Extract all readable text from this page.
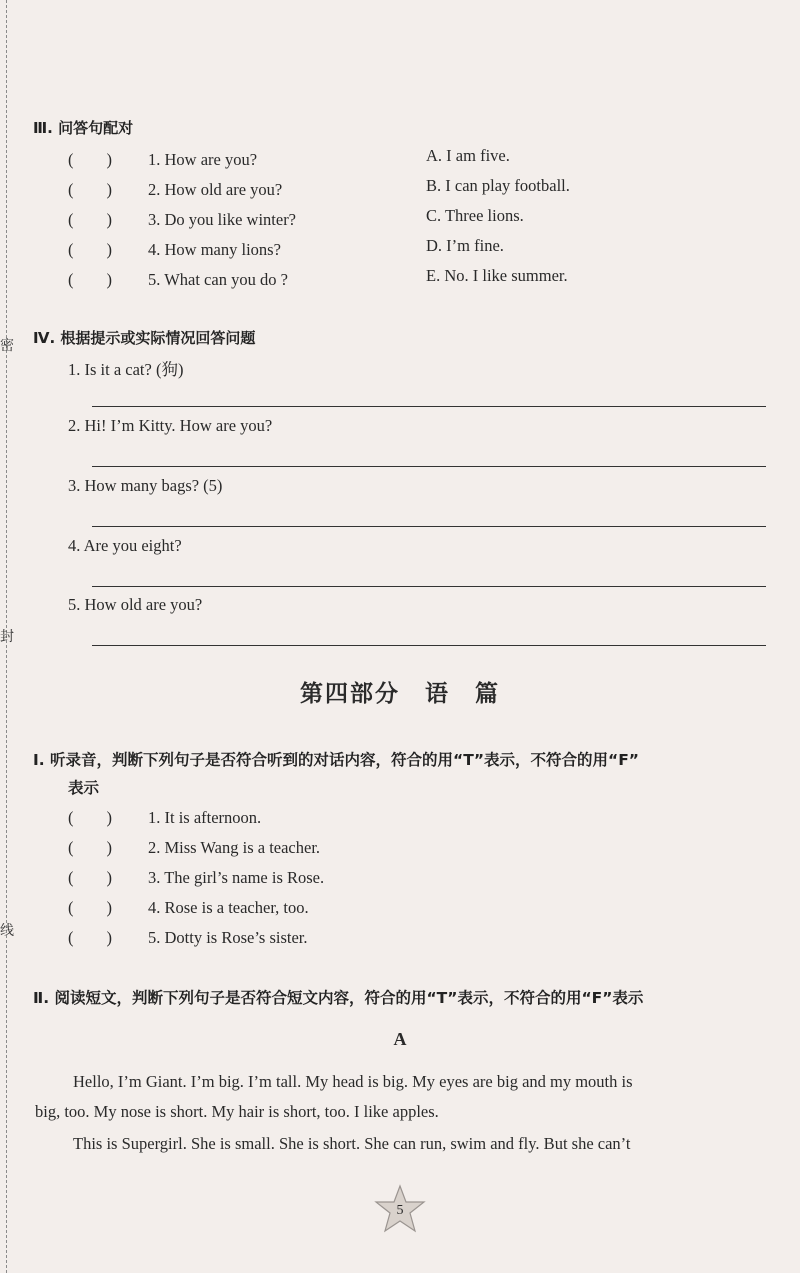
密
封
线
Ⅲ. 问答句配对
(　　) 1. How are you?
(　　) 2. How old are you?
(　　) 3. Do you like winter?
(　　) 4. How many lions?
(　　) 5. What can you do ?
A. I am five.
B. I can play football.
C. Three lions.
D. I’m fine.
E. No. I like summer.
Ⅳ. 根据提示或实际情况回答问题
1. Is it a cat? (狗)
2. Hi! I’m Kitty. How are you?
3. How many bags? (5)
4. Are you eight?
5. How old are you?
第四部分　语　篇
Ⅰ. 听录音，判断下列句子是否符合听到的对话内容，符合的用“T”表示，不符合的用“F”
表示
(　　) 1. It is afternoon.
(　　) 2. Miss Wang is a teacher.
(　　) 3. The girl’s name is Rose.
(　　) 4. Rose is a teacher, too.
(　　) 5. Dotty is Rose’s sister.
Ⅱ. 阅读短文，判断下列句子是否符合短文内容，符合的用“T”表示，不符合的用“F”表示
A
Hello, I’m Giant. I’m big. I’m tall. My head is big. My eyes are big and my mouth is
big, too. My nose is short. My hair is short, too. I like apples.
This is Supergirl. She is small. She is short. She can run, swim and fly. But she can’t
5
